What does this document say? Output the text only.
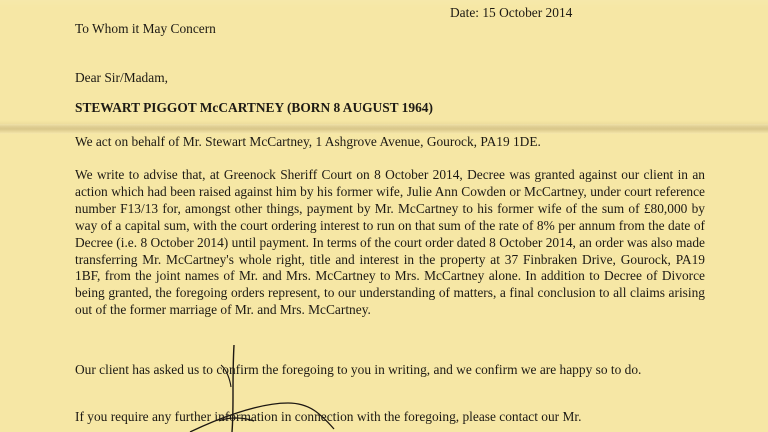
Date: 15 October 2014
To Whom it May Concern
Dear Sir/Madam,
STEWART PIGGOT McCARTNEY (BORN 8 AUGUST 1964)
We act on behalf of Mr. Stewart McCartney, 1 Ashgrove Avenue, Gourock, PA19 1DE.
We write to advise that, at Greenock Sheriff Court on 8 October 2014, Decree was granted against our client in an action which had been raised against him by his former wife, Julie Ann Cowden or McCartney, under court reference number F13/13 for, amongst other things, payment by Mr. McCartney to his former wife of the sum of £80,000 by way of a capital sum, with the court ordering interest to run on that sum of the rate of 8% per annum from the date of Decree (i.e. 8 October 2014) until payment. In terms of the court order dated 8 October 2014, an order was also made transferring Mr. McCartney's whole right, title and interest in the property at 37 Finbraken Drive, Gourock, PA19 1BF, from the joint names of Mr. and Mrs. McCartney to Mrs. McCartney alone. In addition to Decree of Divorce being granted, the foregoing orders represent, to our understanding of matters, a final conclusion to all claims arising out of the former marriage of Mr. and Mrs. McCartney.
Our client has asked us to confirm the foregoing to you in writing, and we confirm we are happy so to do.
If you require any further information in connection with the foregoing, please contact our Mr.
